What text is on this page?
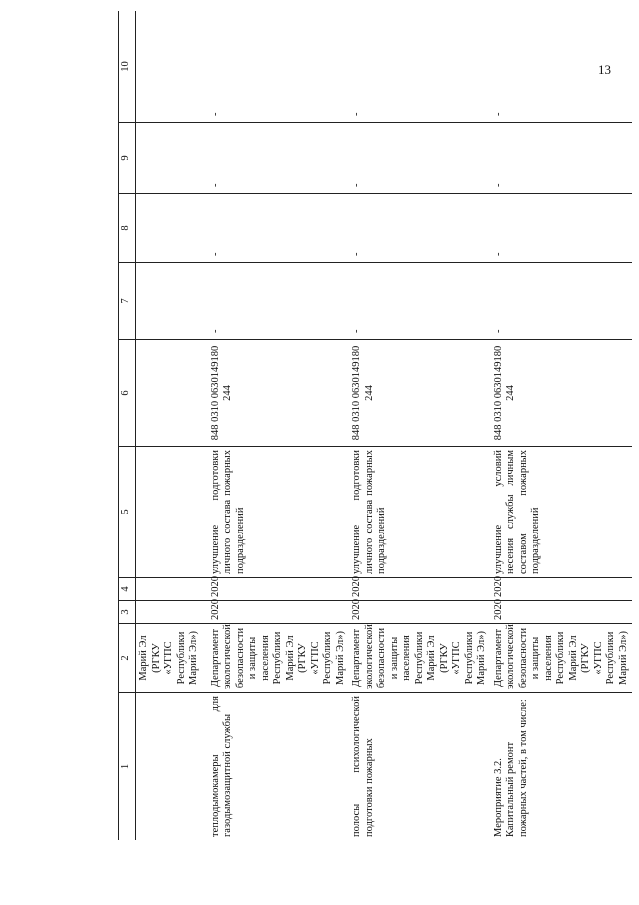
13
1	2	3	4	5	6	7	8	9	10
	Марий Эл (РГКУ «УГПС Республики Марий Эл»)								
теплодымокамеры для газодымозащитной службы	Департамент экологической безопасности и защиты населения Республики Марий Эл (РГКУ «УГПС Республики Марий Эл»)	2020	2020	улучшение подготовки личного состава пожарных подразделений	848 0310 0630149180 244	-	-	-	-
полосы психологической подготовки пожарных	Департамент экологической безопасности и защиты населения Республики Марий Эл (РГКУ «УГПС Республики Марий Эл»)	2020	2020	улучшение подготовки личного состава пожарных подразделений	848 0310 0630149180 244	-	-	-	-
Мероприятие 3.2. Капитальный ремонт пожарных частей, в том числе:	Департамент экологической безопасности и защиты населения Республики Марий Эл (РГКУ «УГПС Республики Марий Эл»)	2020	2020	улучшение условий несения службы личным составом пожарных подразделений	848 0310 0630149180 244	-	-	-	-
